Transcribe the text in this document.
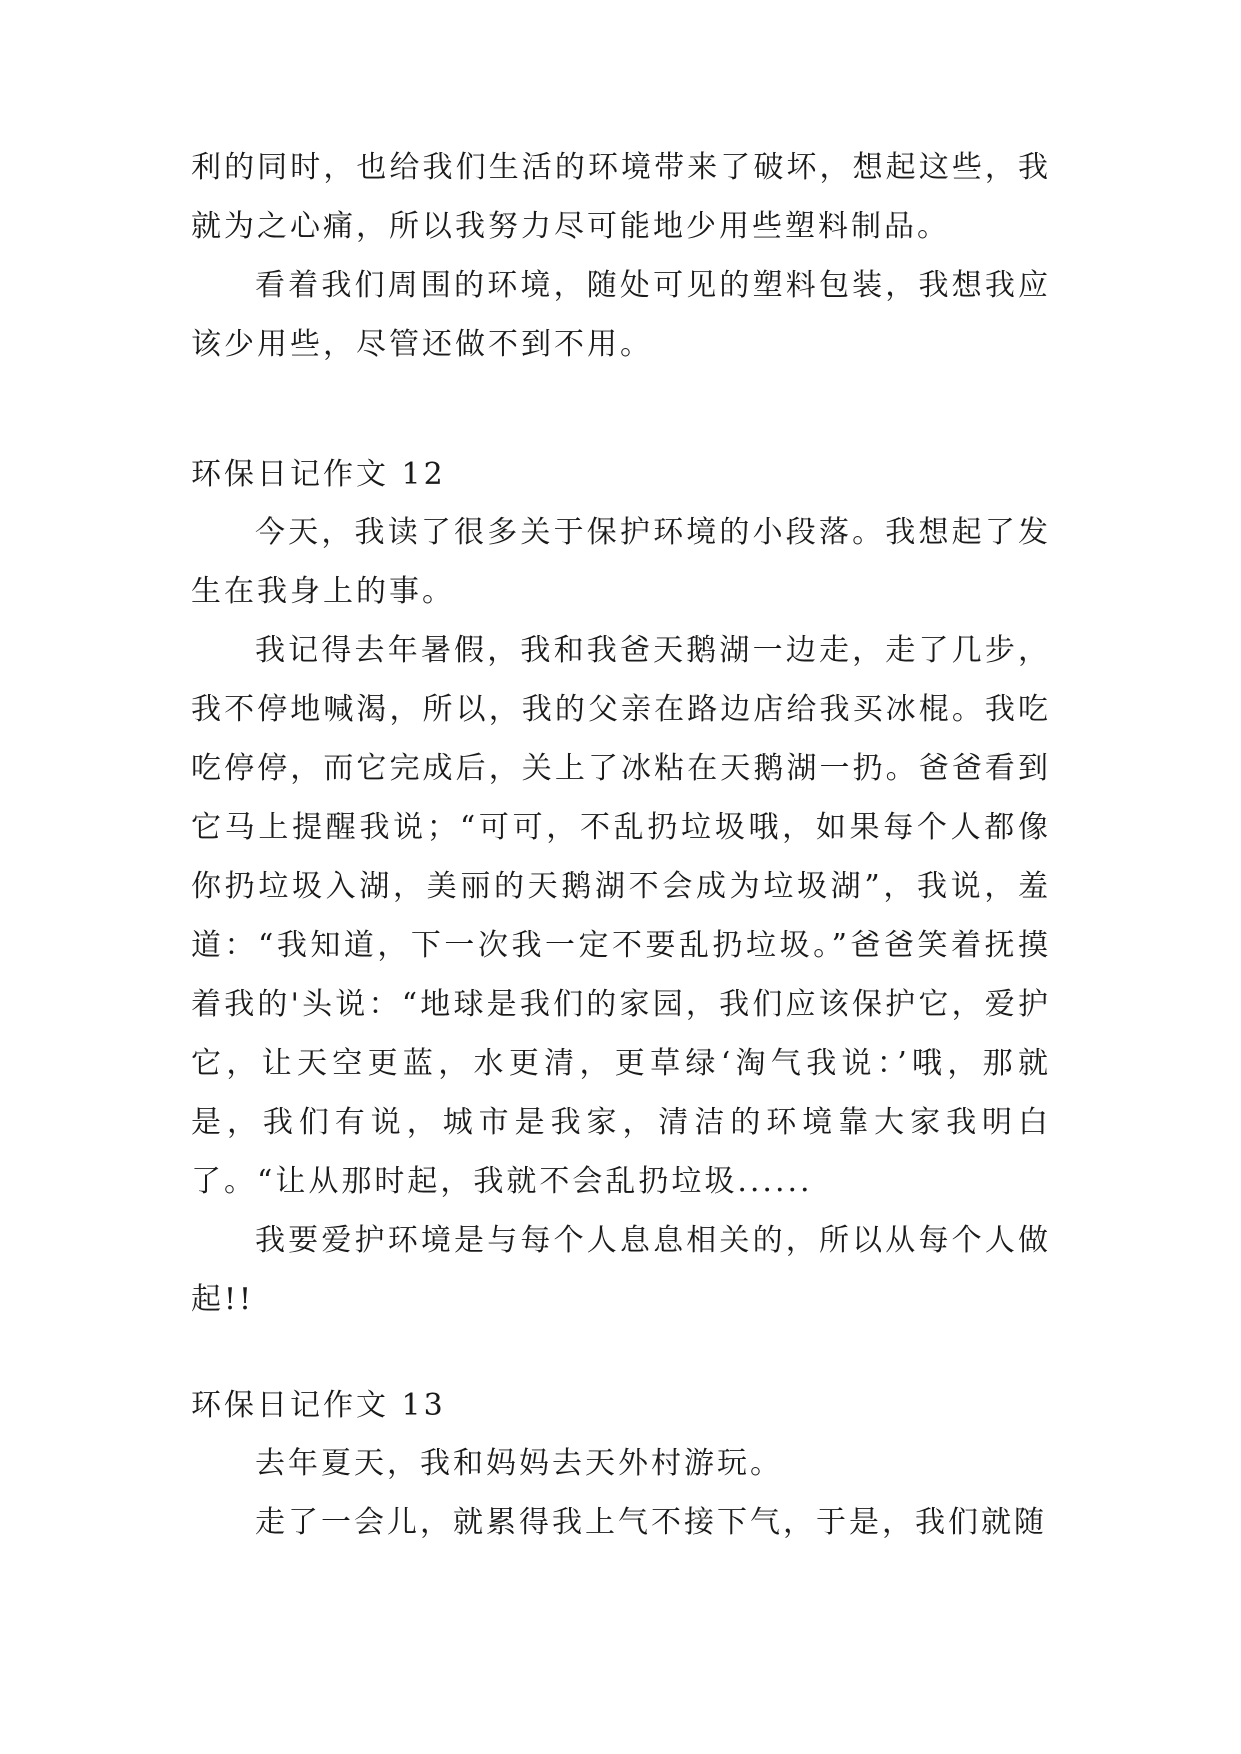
利的同时，也给我们生活的环境带来了破坏，想起这些，我就为之心痛，所以我努力尽可能地少用些塑料制品。

看着我们周围的环境，随处可见的塑料包装，我想我应该少用些，尽管还做不到不用。

环保日记作文 12

今天，我读了很多关于保护环境的小段落。我想起了发生在我身上的事。

我记得去年暑假，我和我爸天鹅湖一边走，走了几步，我不停地喊渴，所以，我的父亲在路边店给我买冰棍。我吃吃停停，而它完成后，关上了冰粘在天鹅湖一扔。爸爸看到它马上提醒我说；“可可，不乱扔垃圾哦，如果每个人都像你扔垃圾入湖，美丽的天鹅湖不会成为垃圾湖”，我说，羞道：“我知道，下一次我一定不要乱扔垃圾。”爸爸笑着抚摸着我的'头说：“地球是我们的家园，我们应该保护它，爱护它，让天空更蓝，水更清，更草绿‘淘气我说：’哦，那就是，我们有说，城市是我家，清洁的环境靠大家我明白了。“让从那时起，我就不会乱扔垃圾......

我要爱护环境是与每个人息息相关的，所以从每个人做起!!

环保日记作文 13

去年夏天，我和妈妈去天外村游玩。

走了一会儿，就累得我上气不接下气，于是，我们就随
